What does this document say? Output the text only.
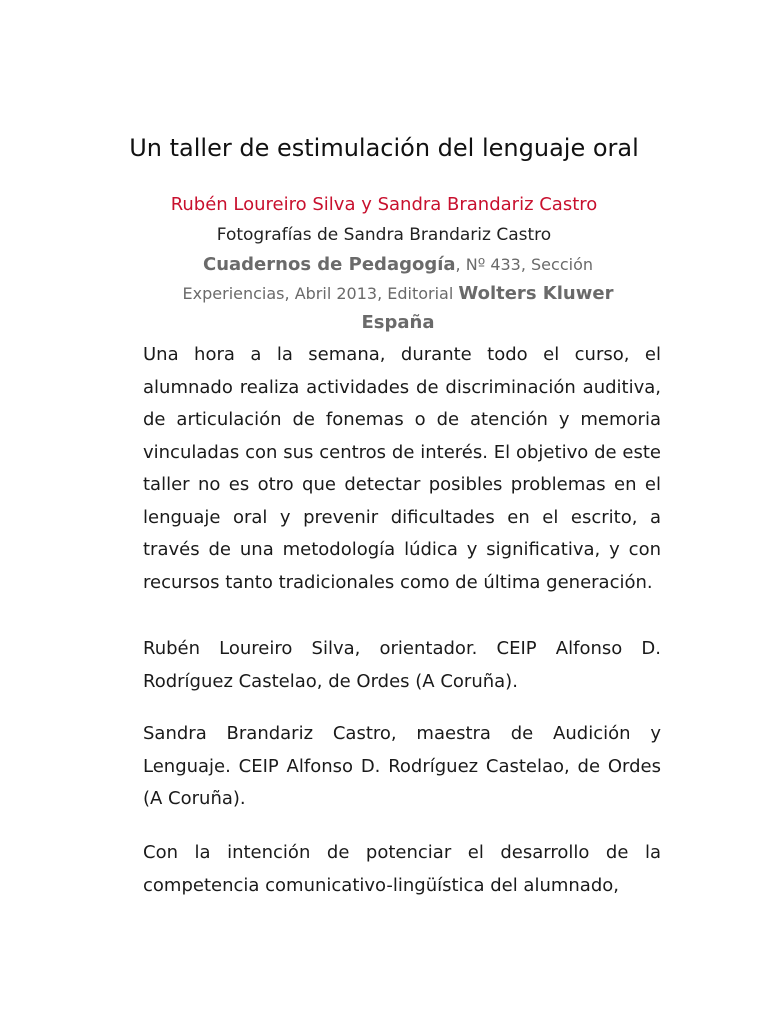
Un taller de estimulación del lenguaje oral
Rubén Loureiro Silva y Sandra Brandariz Castro
Fotografías de Sandra Brandariz Castro
Cuadernos de Pedagogía, Nº 433, Sección Experiencias, Abril 2013, Editorial Wolters Kluwer España

Una hora a la semana, durante todo el curso, el alumnado realiza actividades de discriminación auditiva, de articulación de fonemas o de atención y memoria vinculadas con sus centros de interés. El objetivo de este taller no es otro que detectar posibles problemas en el lenguaje oral y prevenir dificultades en el escrito, a través de una metodología lúdica y significativa, y con recursos tanto tradicionales como de última generación.

Rubén Loureiro Silva, orientador. CEIP Alfonso D. Rodríguez Castelao, de Ordes (A Coruña).

Sandra Brandariz Castro, maestra de Audición y Lenguaje. CEIP Alfonso D. Rodríguez Castelao, de Ordes (A Coruña).

Con la intención de potenciar el desarrollo de la competencia comunicativo-lingüística del alumnado,
